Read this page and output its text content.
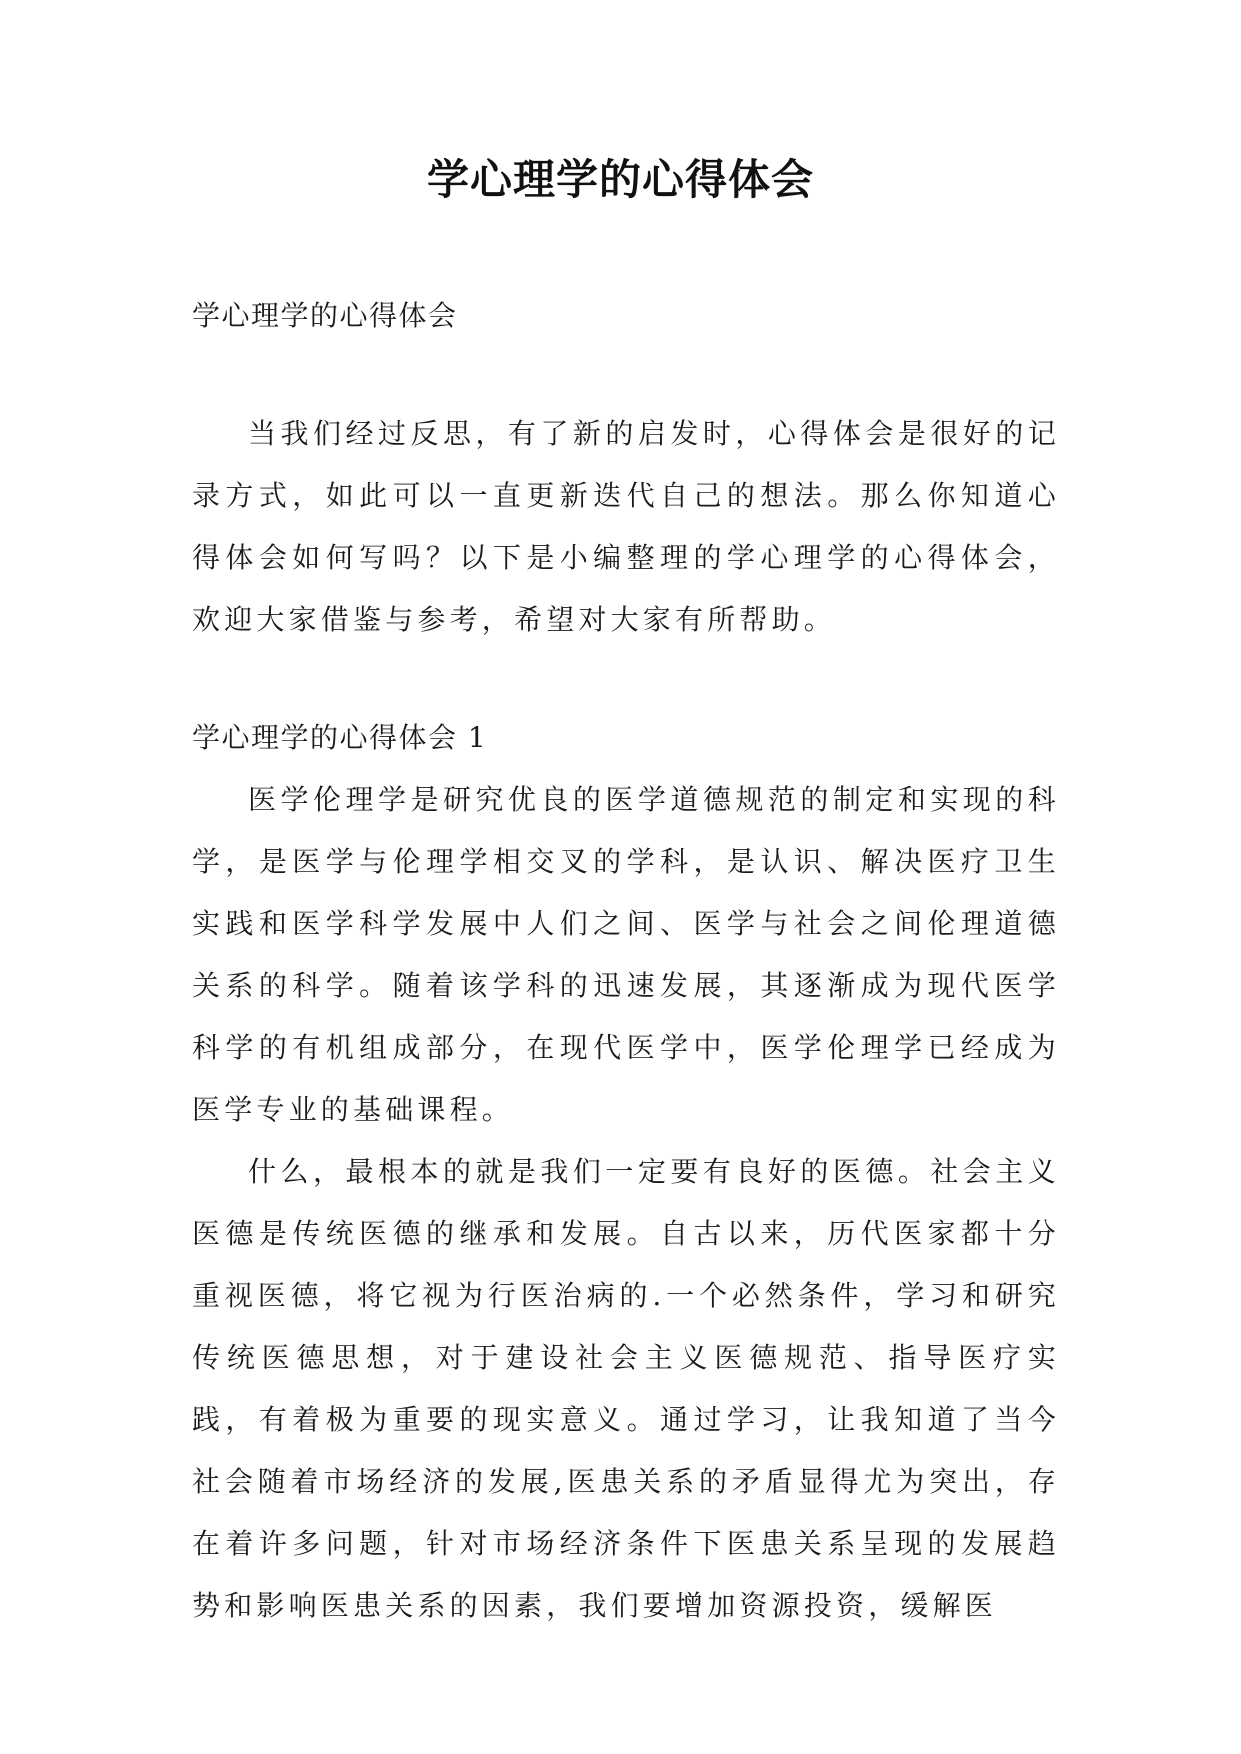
学心理学的心得体会

学心理学的心得体会

当我们经过反思，有了新的启发时，心得体会是很好的记录方式，如此可以一直更新迭代自己的想法。那么你知道心得体会如何写吗？以下是小编整理的学心理学的心得体会，欢迎大家借鉴与参考，希望对大家有所帮助。

学心理学的心得体会 1

医学伦理学是研究优良的医学道德规范的制定和实现的科学，是医学与伦理学相交叉的学科，是认识、解决医疗卫生实践和医学科学发展中人们之间、医学与社会之间伦理道德关系的科学。随着该学科的迅速发展，其逐渐成为现代医学科学的有机组成部分，在现代医学中，医学伦理学已经成为医学专业的基础课程。

什么，最根本的就是我们一定要有良好的医德。社会主义医德是传统医德的继承和发展。自古以来，历代医家都十分重视医德，将它视为行医治病的.一个必然条件，学习和研究传统医德思想，对于建设社会主义医德规范、指导医疗实践，有着极为重要的现实意义。通过学习，让我知道了当今社会随着市场经济的发展,医患关系的矛盾显得尤为突出，存在着许多问题，针对市场经济条件下医患关系呈现的发展趋势和影响医患关系的因素，我们要增加资源投资，缓解医
